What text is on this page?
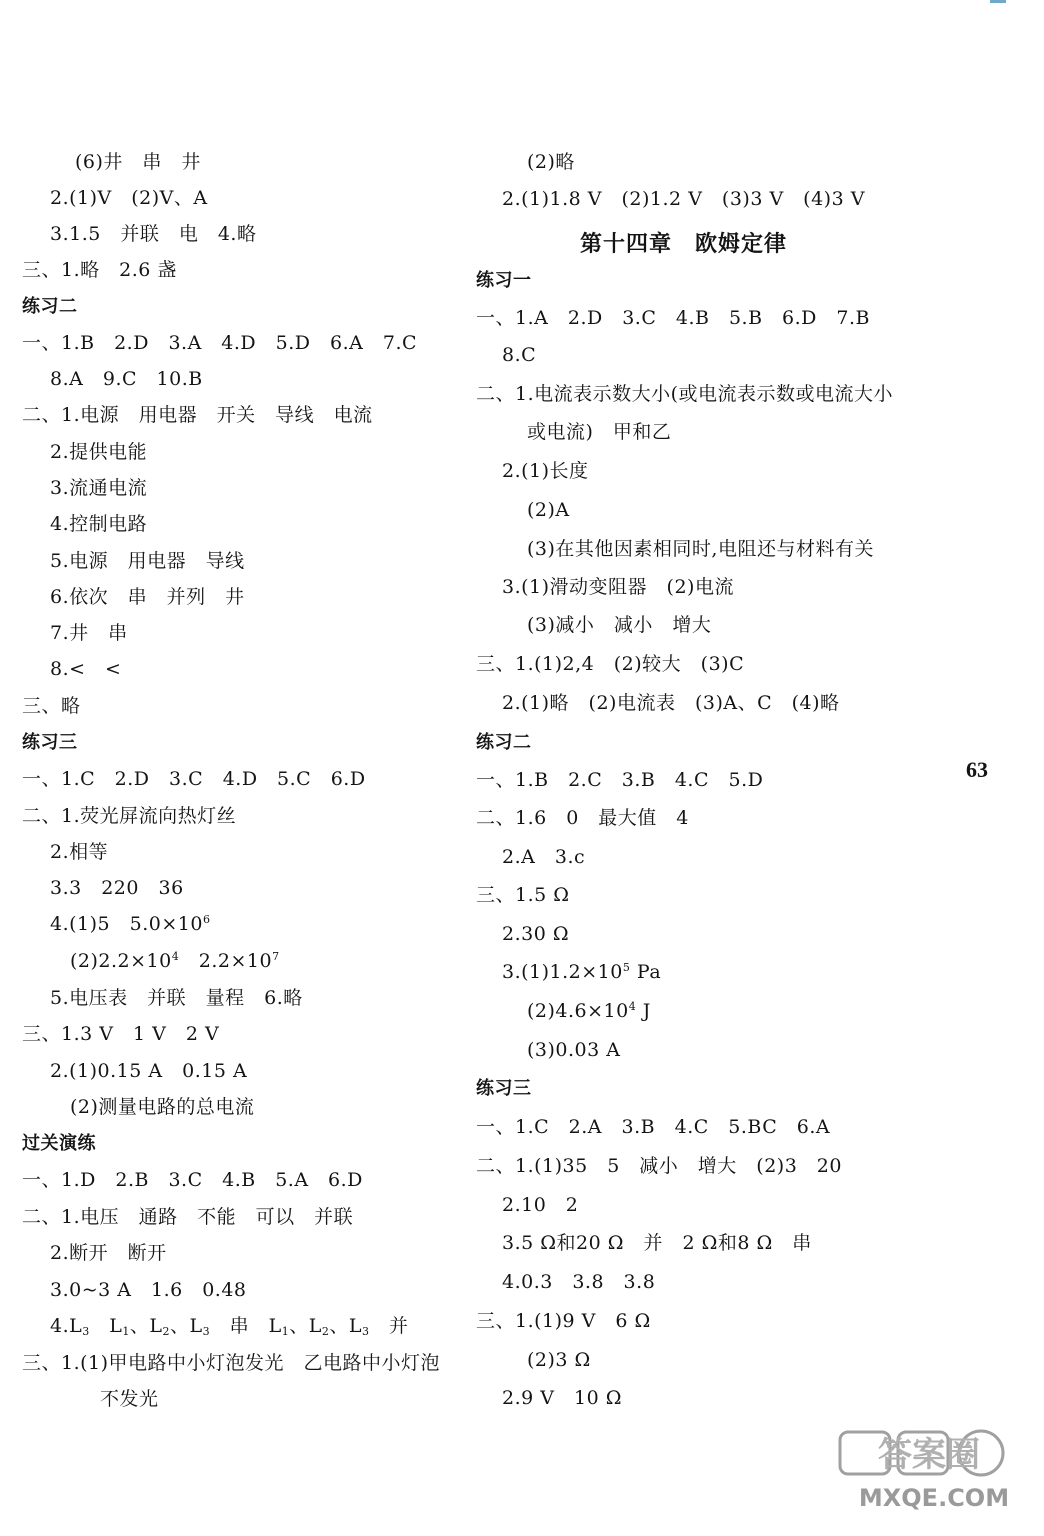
(6)井　串　井
2.(1)V　(2)V、A
3.1.5　并联　电　4.略
三、1.略　2.6 盏
练习二
一、1.B　2.D　3.A　4.D　5.D　6.A　7.C
8.A　9.C　10.B
二、1.电源　用电器　开关　导线　电流
2.提供电能
3.流通电流
4.控制电路
5.电源　用电器　导线
6.依次　串　并列　井
7.井　串
8.<　<
三、略
练习三
一、1.C　2.D　3.C　4.D　5.C　6.D
二、1.荧光屏流向热灯丝
2.相等
3.3　220　36
4.(1)5　$5.0\times 10^6$
$(2)2.2\times 10^4$　$2.2\times 10^7$
5.电压表　并联　量程　6.略
三、1.3 V　1 V　2 V
2.(1)0.15 A　0.15 A
(2)测量电路的总电流
过关演练
一、1.D　2.B　3.C　4.B　5.A　6.D
二、1.电压　通路　不能　可以　并联
2.断开　断开
3.0~3 A　1.6　0.48
$4.L_3$　$L_1$、$L_2$、$L_3$　串　$L_1$、$L_2$、$L_3$　并
三、1.(1)甲电路中小灯泡发光　乙电路中小灯泡
不发光
(2)略
2.(1)1.8 V　(2)1.2 V　(3)3 V　(4)3 V
练习一
一、1.A　2.D　3.C　4.B　5.B　6.D　7.B
8.C
二、1.电流表示数大小(或电流表示数或电流大小
或电流)　甲和乙
2.(1)长度
(2)A
(3)在其他因素相同时,电阻还与材料有关
3.(1)滑动变阻器　(2)电流
(3)减小　减小　增大
三、1.(1)2,4　(2)较大　(3)C
2.(1)略　(2)电流表　(3)A、C　(4)略
练习二
一、1.B　2.C　3.B　4.C　5.D
二、1.6　0　最大值　4
2.A　3.c
三、1.5 Ω
2.30 Ω
$3.(1)1.2\times 10^5$ Pa
$(2)4.6\times 10^4$ J
(3)0.03 A
练习三
一、1.C　2.A　3.B　4.C　5.BC　6.A
二、1.(1)35　5　减小　增大　(2)3　20
2.10　2
3.5 Ω和20 Ω　并　2 Ω和8 Ω　串
4.0.3　3.8　3.8
三、1.(1)9 V　6 Ω
(2)3 Ω
2.9 V　10 Ω
第十四章　欧姆定律
63
答案圈
MXQE.COM
